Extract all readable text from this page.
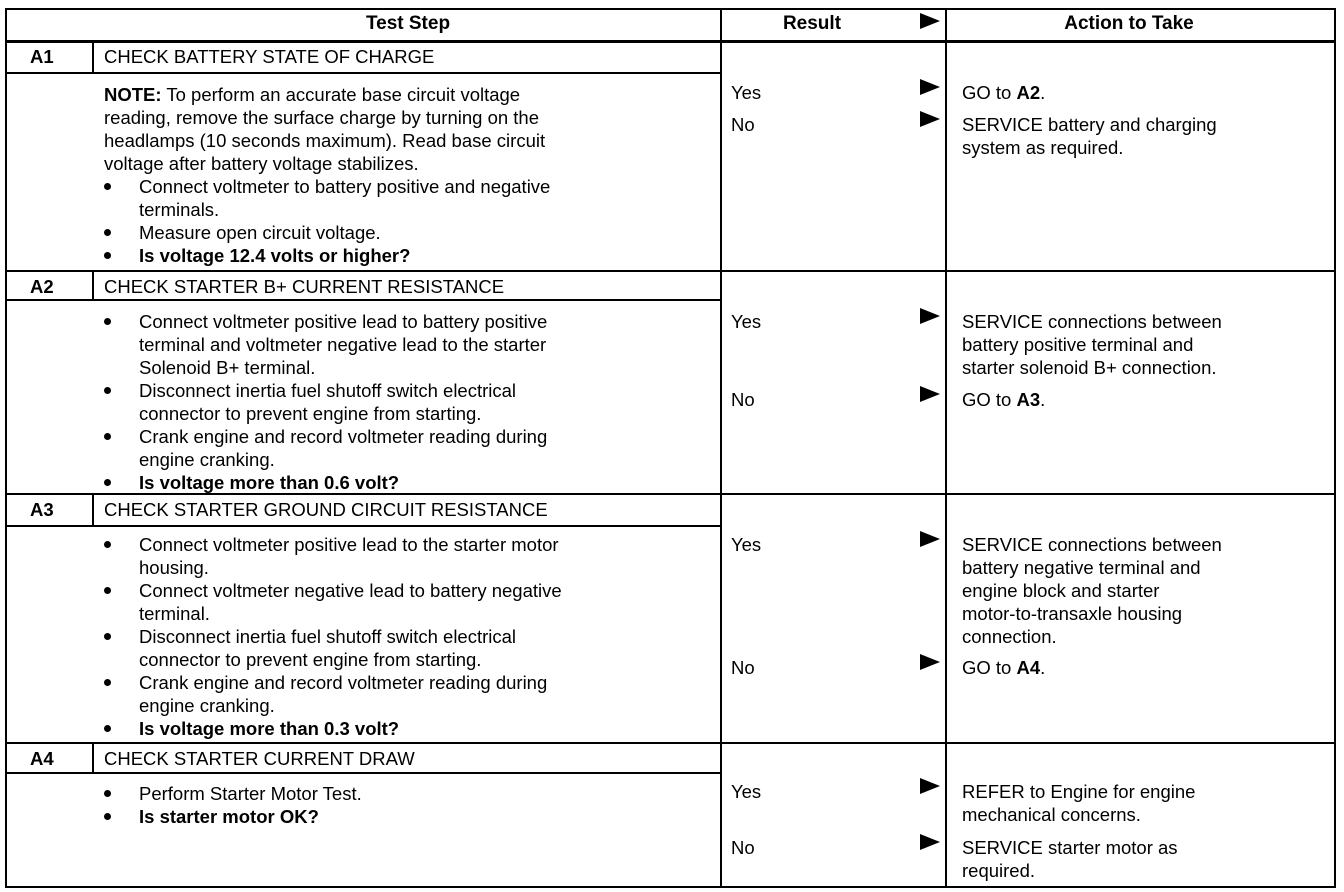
Test Step	Result	Action to Take
A1	CHECK BATTERY STATE OF CHARGE
NOTE: To perform an accurate base circuit voltage
reading, remove the surface charge by turning on the
headlamps (10 seconds maximum). Read base circuit
voltage after battery voltage stabilizes.
Connect voltmeter to battery positive and negative
terminals.
Measure open circuit voltage.
Is voltage 12.4 volts or higher?
Yes	GO to A2.
No	SERVICE battery and charging
system as required.
A2	CHECK STARTER B+ CURRENT RESISTANCE
Connect voltmeter positive lead to battery positive
terminal and voltmeter negative lead to the starter
Solenoid B+ terminal.
Disconnect inertia fuel shutoff switch electrical
connector to prevent engine from starting.
Crank engine and record voltmeter reading during
engine cranking.
Is voltage more than 0.6 volt?
Yes	SERVICE connections between
battery positive terminal and
starter solenoid B+ connection.
No	GO to A3.
A3	CHECK STARTER GROUND CIRCUIT RESISTANCE
Connect voltmeter positive lead to the starter motor
housing.
Connect voltmeter negative lead to battery negative
terminal.
Disconnect inertia fuel shutoff switch electrical
connector to prevent engine from starting.
Crank engine and record voltmeter reading during
engine cranking.
Is voltage more than 0.3 volt?
Yes	SERVICE connections between
battery negative terminal and
engine block and starter
motor-to-transaxle housing
connection.
No	GO to A4.
A4	CHECK STARTER CURRENT DRAW
Perform Starter Motor Test.
Is starter motor OK?
Yes	REFER to Engine for engine
mechanical concerns.
No	SERVICE starter motor as
required.
